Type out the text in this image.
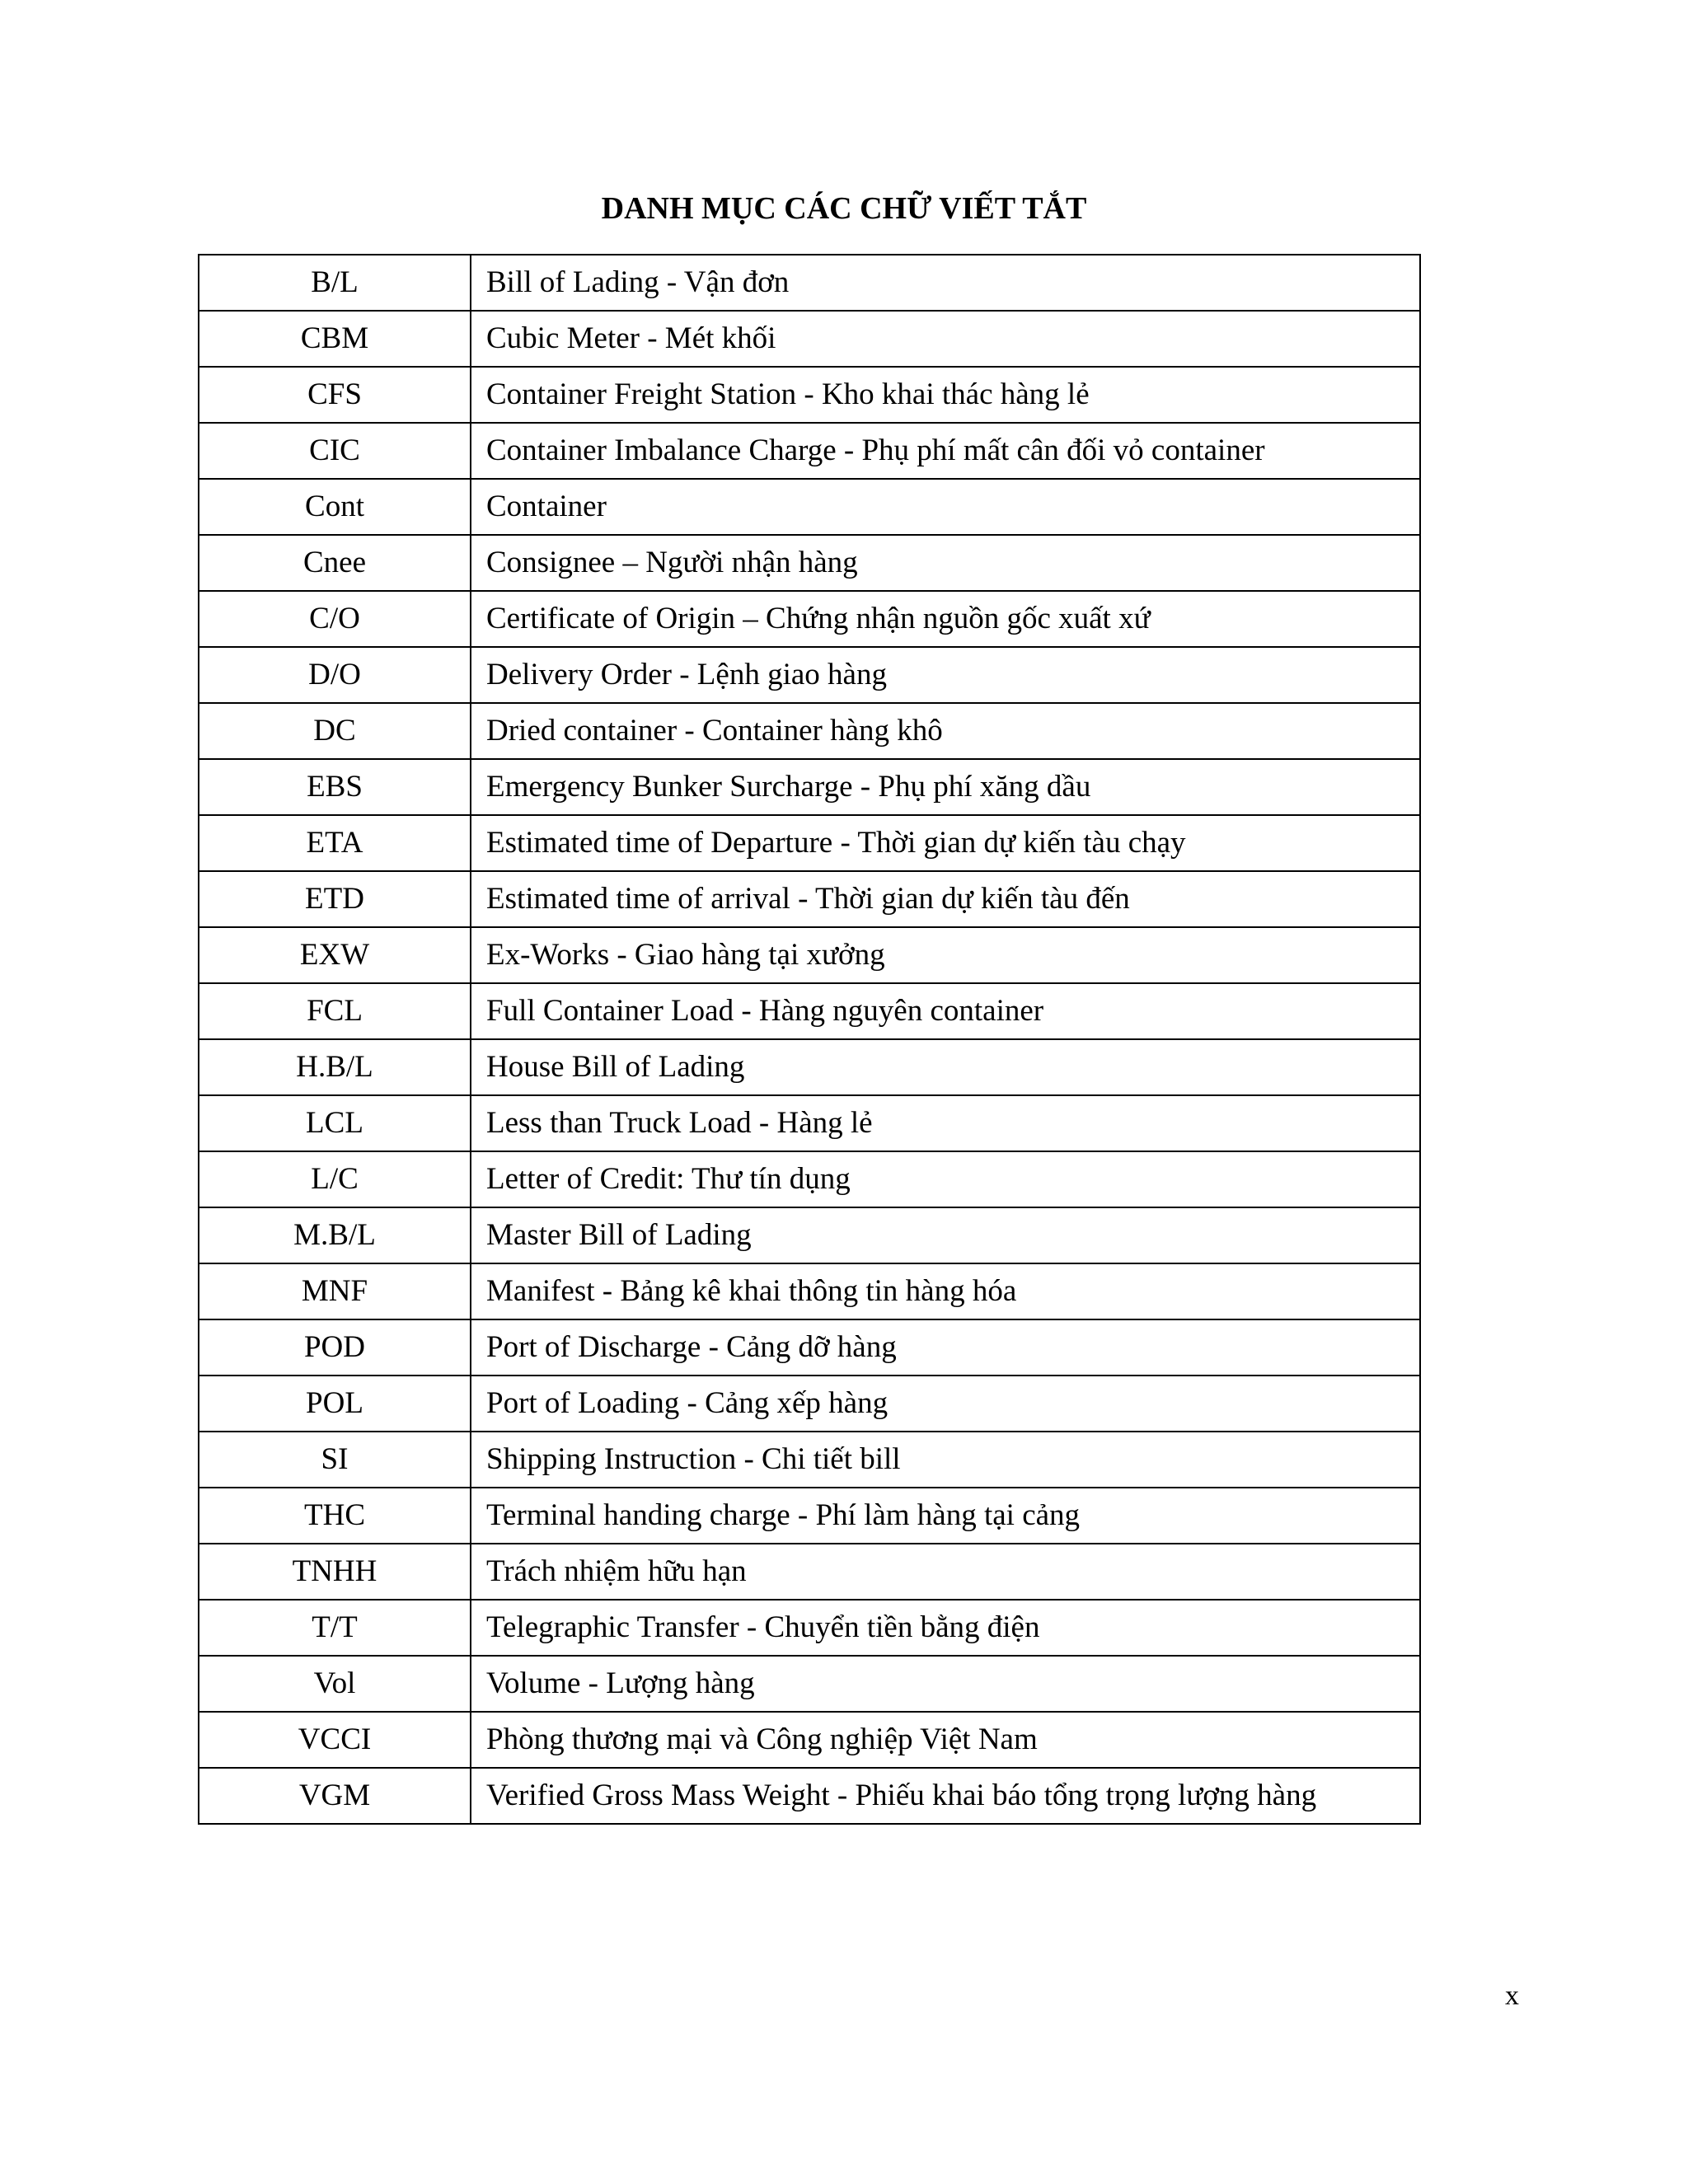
DANH MỤC CÁC CHỮ VIẾT TẮT
B/L	Bill of Lading - Vận đơn
CBM	Cubic Meter - Mét khối
CFS	Container Freight Station - Kho khai thác hàng lẻ
CIC	Container Imbalance Charge - Phụ phí mất cân đối vỏ container
Cont	Container
Cnee	Consignee – Người nhận hàng
C/O	Certificate of Origin – Chứng nhận nguồn gốc xuất xứ
D/O	Delivery Order - Lệnh giao hàng
DC	Dried container - Container hàng khô
EBS	Emergency Bunker Surcharge - Phụ phí xăng dầu
ETA	Estimated time of Departure - Thời gian dự kiến tàu chạy
ETD	Estimated time of arrival - Thời gian dự kiến tàu đến
EXW	Ex-Works - Giao hàng tại xưởng
FCL	Full Container Load - Hàng nguyên container
H.B/L	House Bill of Lading
LCL	Less than Truck Load - Hàng lẻ
L/C	Letter of Credit: Thư tín dụng
M.B/L	Master Bill of Lading
MNF	Manifest - Bảng kê khai thông tin hàng hóa
POD	Port of Discharge - Cảng dỡ hàng
POL	Port of Loading - Cảng xếp hàng
SI	Shipping Instruction - Chi tiết bill
THC	Terminal handing charge - Phí làm hàng tại cảng
TNHH	Trách nhiệm hữu hạn
T/T	Telegraphic Transfer - Chuyển tiền bằng điện
Vol	Volume - Lượng hàng
VCCI	Phòng thương mại và Công nghiệp Việt Nam
VGM	Verified Gross Mass Weight - Phiếu khai báo tổng trọng lượng hàng
x
